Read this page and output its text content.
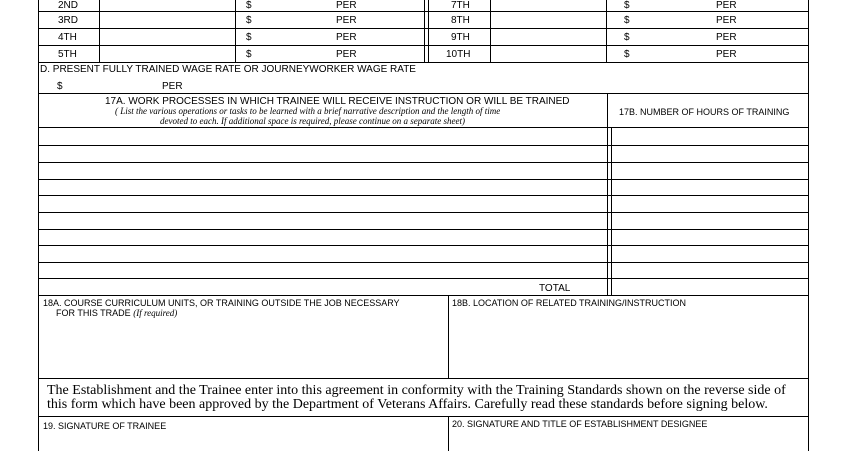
2ND	$	PER
3RD	$	PER
4TH	$	PER
5TH	$	PER
7TH	$	PER
8TH	$	PER
9TH	$	PER
10TH	$	PER
D. PRESENT FULLY TRAINED WAGE RATE OR JOURNEYWORKER WAGE RATE
$	PER
17A. WORK PROCESSES IN WHICH TRAINEE WILL RECEIVE INSTRUCTION OR WILL BE TRAINED
( List the various operations or tasks to be learned with a brief narrative description and the length of time
devoted to each. If additional space is required, please continue on a separate sheet)
17B. NUMBER OF HOURS OF TRAINING
TOTAL
18A. COURSE CURRICULUM UNITS, OR TRAINING OUTSIDE THE JOB NECESSARY
FOR THIS TRADE (If required)
18B. LOCATION OF RELATED TRAINING/INSTRUCTION
The Establishment and the Trainee enter into this agreement in conformity with the Training Standards shown on the reverse side of
this form which have been approved by the Department of Veterans Affairs. Carefully read these standards before signing below.
19. SIGNATURE OF TRAINEE	20. SIGNATURE AND TITLE OF ESTABLISHMENT DESIGNEE
